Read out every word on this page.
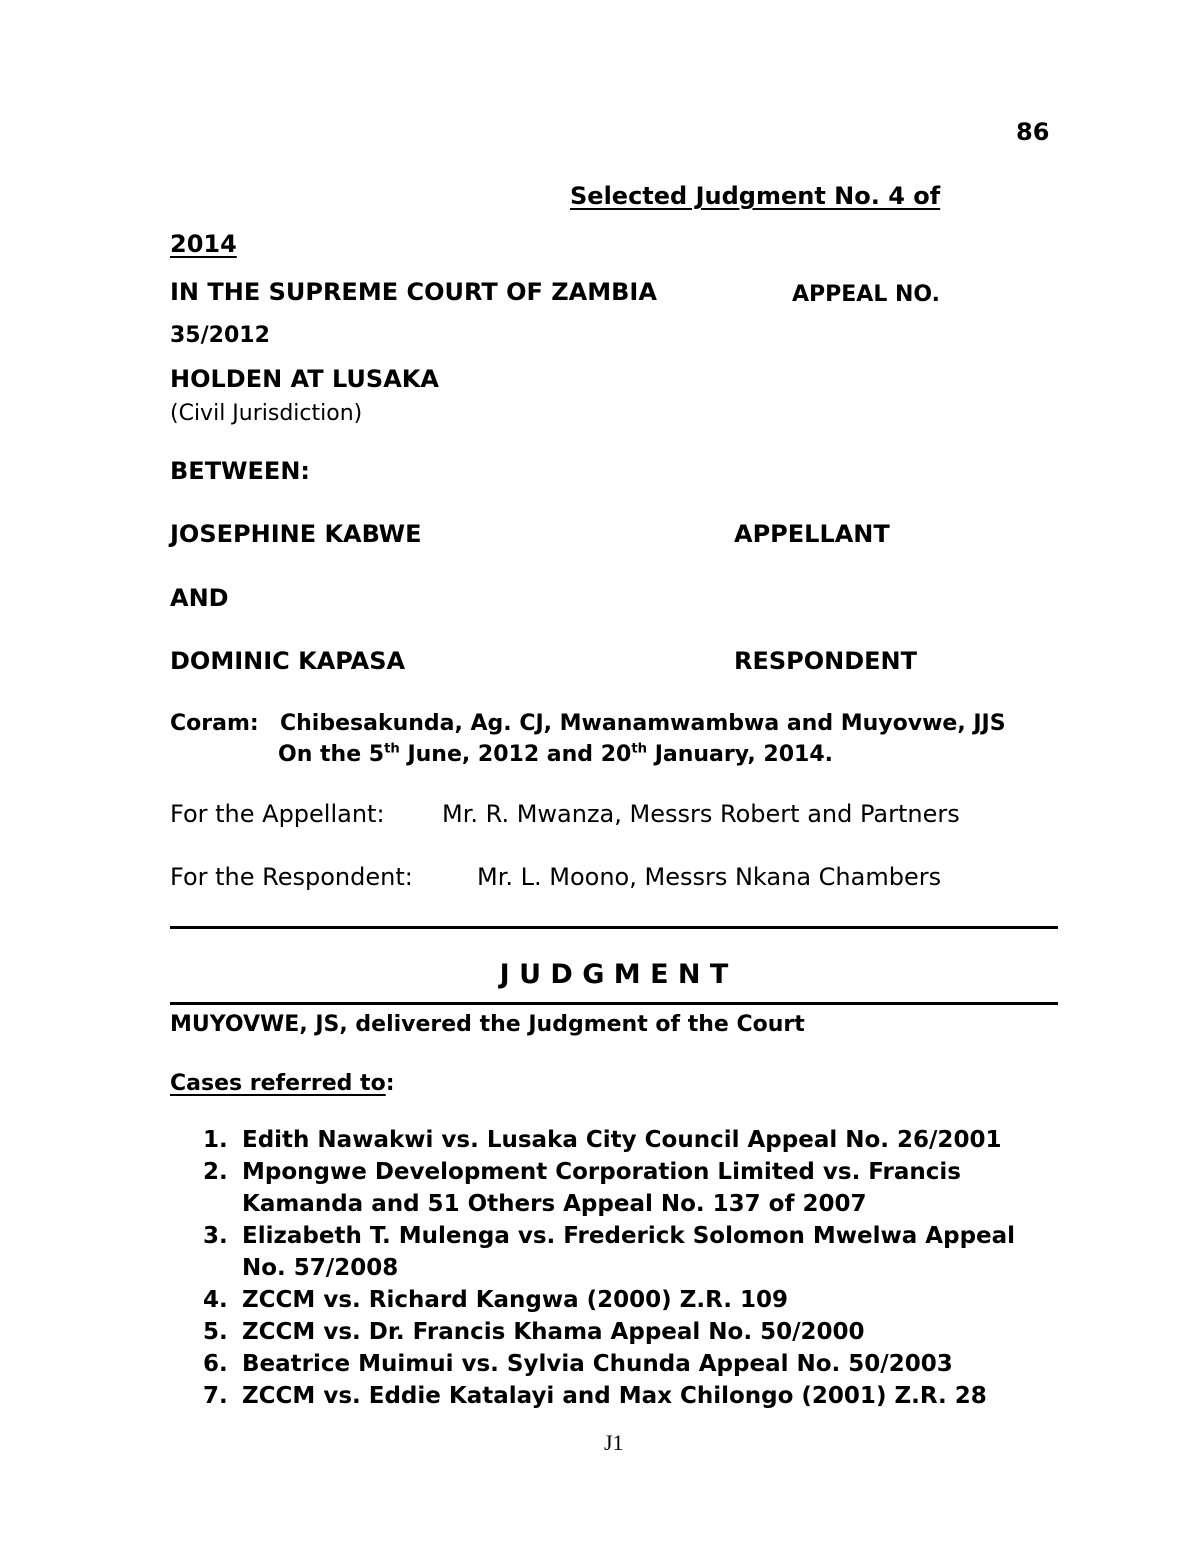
86
Selected Judgment No. 4 of
2014
IN THE SUPREME COURT OF ZAMBIA	APPEAL NO.
35/2012
HOLDEN AT LUSAKA
(Civil Jurisdiction)
BETWEEN:
JOSEPHINE KABWE	APPELLANT
AND
DOMINIC KAPASA	RESPONDENT
Coram: Chibesakunda, Ag. CJ, Mwanamwambwa and Muyovwe, JJS
On the 5th June, 2012 and 20th January, 2014.
For the Appellant: Mr. R. Mwanza, Messrs Robert and Partners
For the Respondent:	Mr. L. Moono, Messrs Nkana Chambers
J U D G M E N T
MUYOVWE, JS, delivered the Judgment of the Court
Cases referred to:
1. Edith Nawakwi vs. Lusaka City Council Appeal No. 26/2001
2. Mpongwe Development Corporation Limited vs. Francis Kamanda and 51 Others Appeal No. 137 of 2007
3. Elizabeth T. Mulenga vs. Frederick Solomon Mwelwa Appeal No. 57/2008
4. ZCCM vs. Richard Kangwa (2000) Z.R. 109
5. ZCCM vs. Dr. Francis Khama Appeal No. 50/2000
6. Beatrice Muimui vs. Sylvia Chunda Appeal No. 50/2003
7. ZCCM vs. Eddie Katalayi and Max Chilongo (2001) Z.R. 28
J1
